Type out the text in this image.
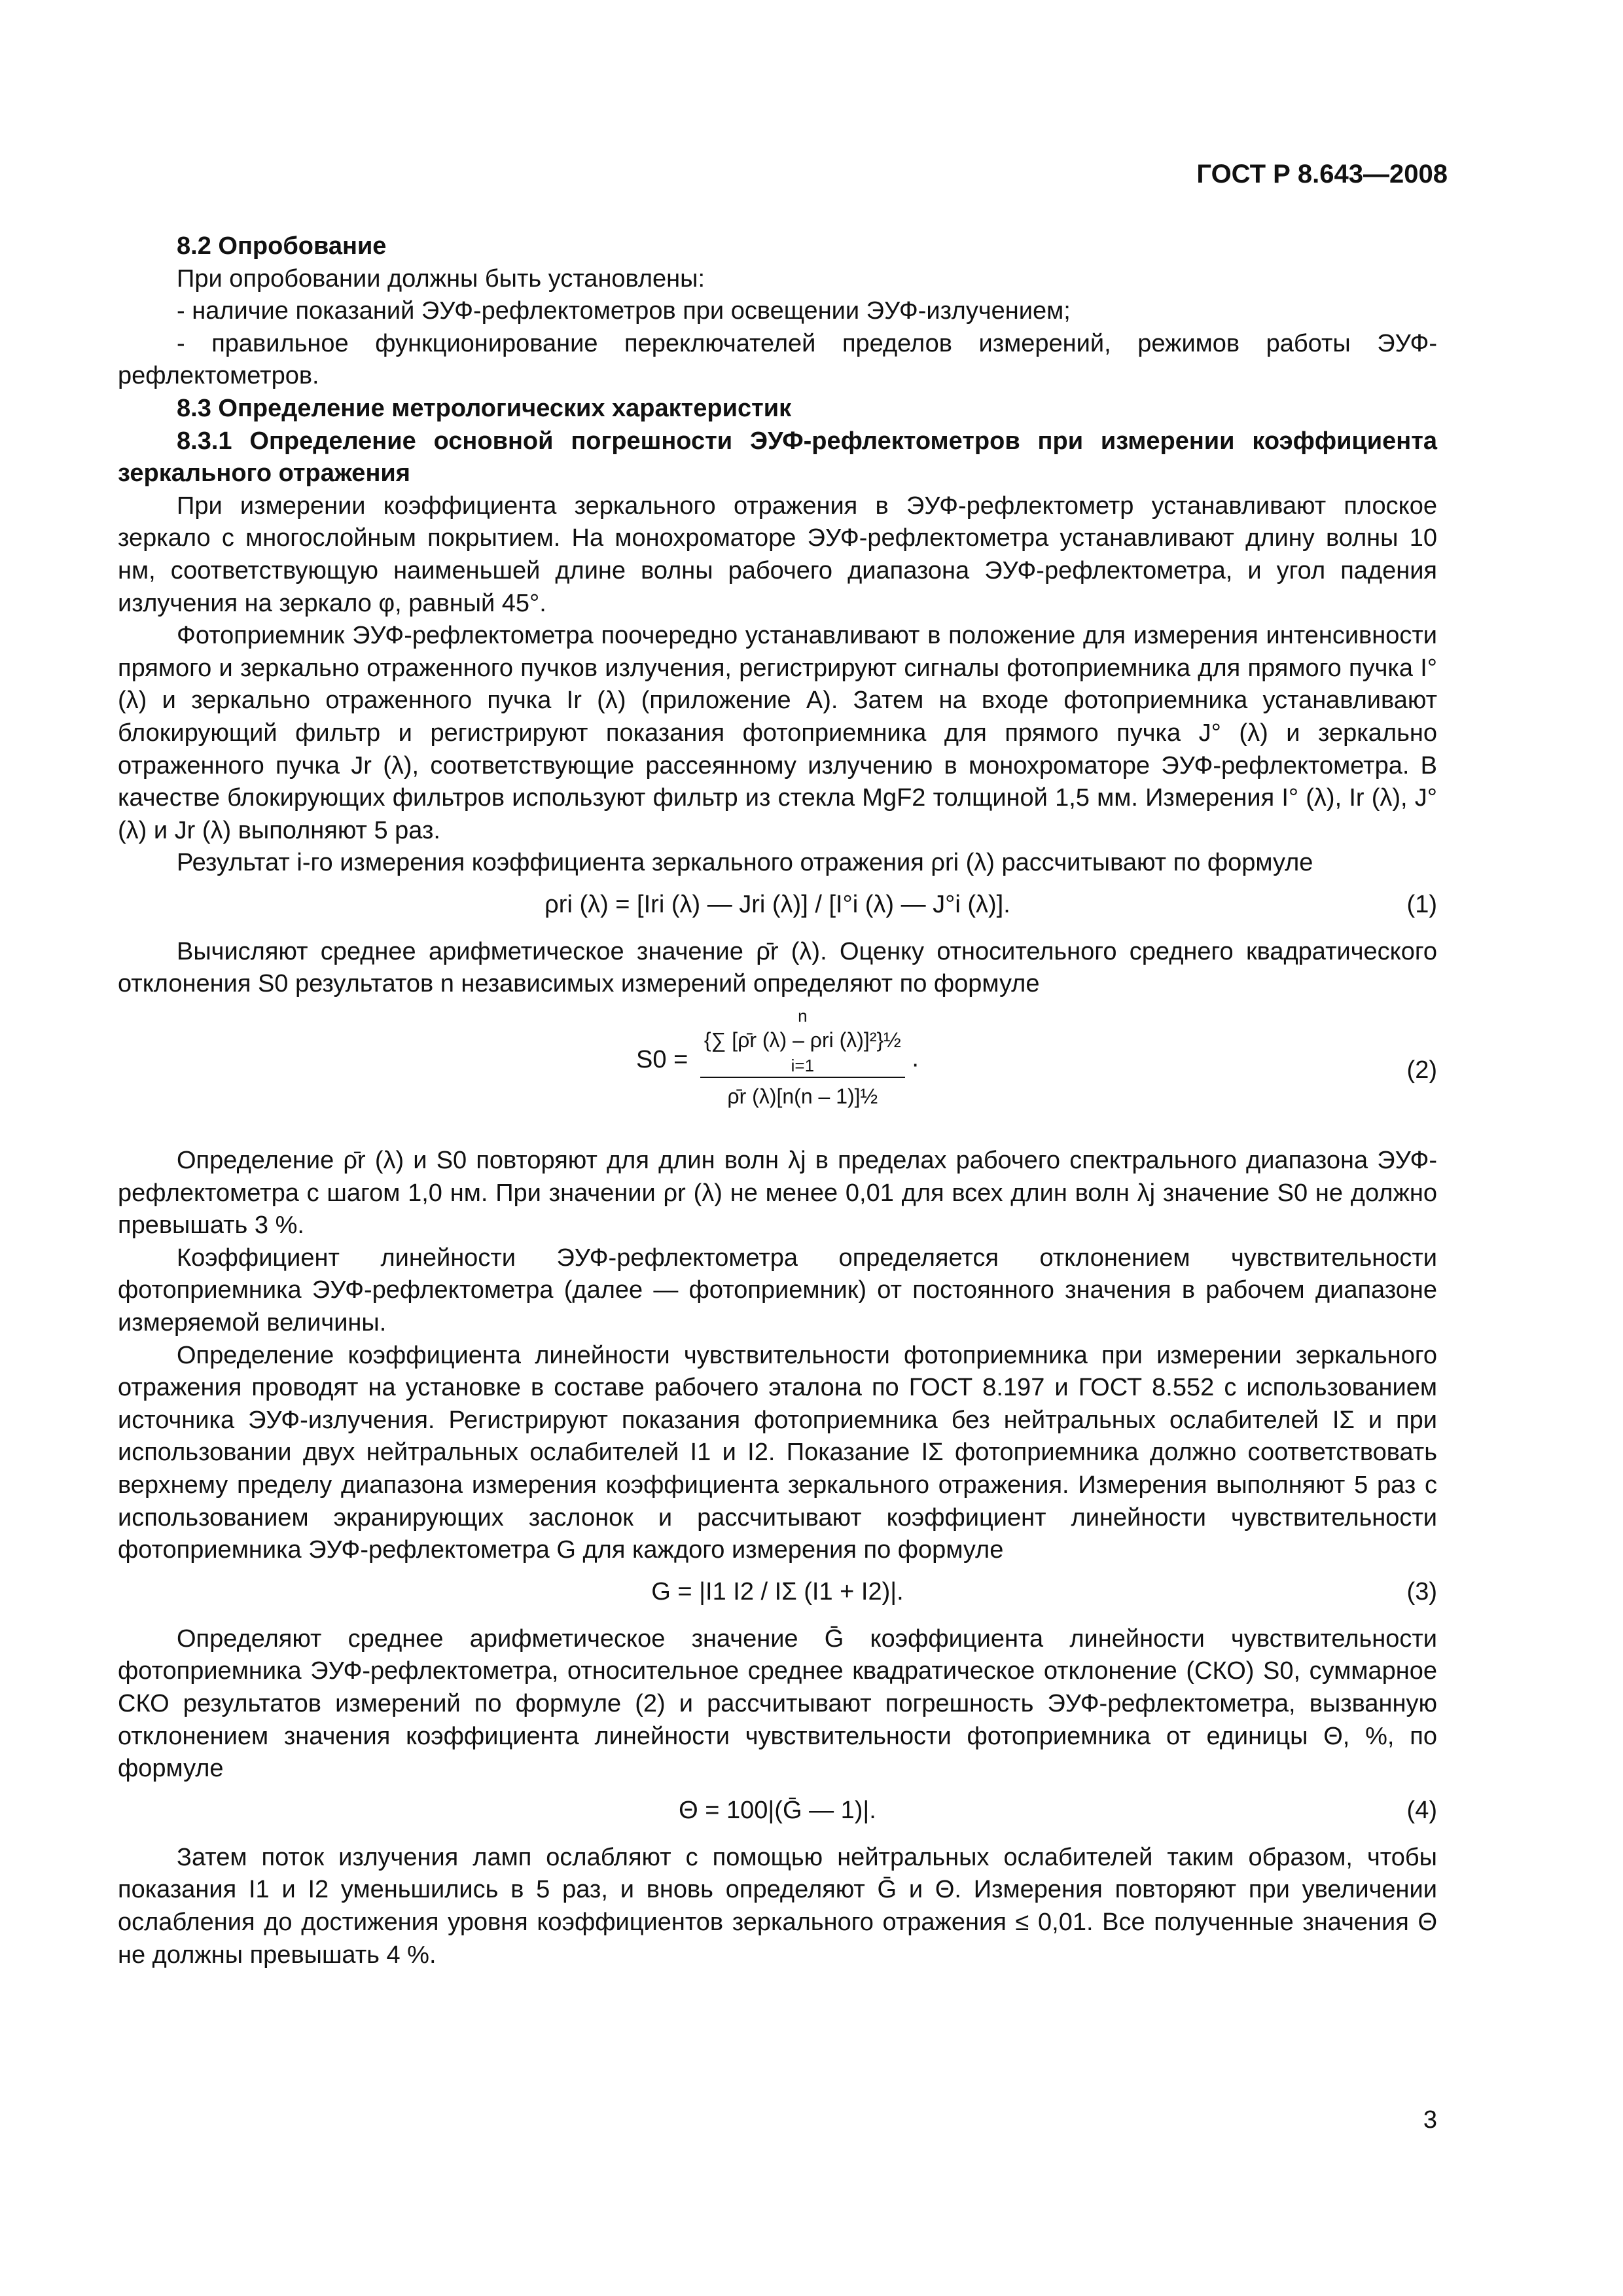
ГОСТ Р 8.643—2008

8.2 Опробование

При опробовании должны быть установлены:

- наличие показаний ЭУФ-рефлектометров при освещении ЭУФ-излучением;

- правильное функционирование переключателей пределов измерений, режимов работы ЭУФ-рефлектометров.

8.3 Определение метрологических характеристик

8.3.1 Определение основной погрешности ЭУФ-рефлектометров при измерении коэффициента зеркального отражения

При измерении коэффициента зеркального отражения в ЭУФ-рефлектометр устанавливают плоское зеркало с многослойным покрытием. На монохроматоре ЭУФ-рефлектометра устанавливают длину волны 10 нм, соответствующую наименьшей длине волны рабочего диапазона ЭУФ-рефлектометра, и угол падения излучения на зеркало φ, равный 45°.

Фотоприемник ЭУФ-рефлектометра поочередно устанавливают в положение для измерения интенсивности прямого и зеркально отраженного пучков излучения, регистрируют сигналы фотоприемника для прямого пучка I° (λ) и зеркально отраженного пучка Ir (λ) (приложение А). Затем на входе фотоприемника устанавливают блокирующий фильтр и регистрируют показания фотоприемника для прямого пучка J° (λ) и зеркально отраженного пучка Jr (λ), соответствующие рассеянному излучению в монохроматоре ЭУФ-рефлектометра. В качестве блокирующих фильтров используют фильтр из стекла MgF2 толщиной 1,5 мм. Измерения I° (λ), Ir (λ), J° (λ) и Jr (λ) выполняют 5 раз.

Результат i-го измерения коэффициента зеркального отражения ρri (λ) рассчитывают по формуле

ρri (λ) = [Iri (λ) — Jri (λ)] / [I°i (λ) — J°i (λ)].	(1)

Вычисляют среднее арифметическое значение ρ̄r (λ). Оценку относительного среднего квадратического отклонения S0 результатов n независимых измерений определяют по формуле

S0 = n
{∑ [ρ̄r (λ) – ρri (λ)]²}½
i=1
ρ̄r (λ)[n(n – 1)]½ .	(2)

Определение ρ̄r (λ) и S0 повторяют для длин волн λj в пределах рабочего спектрального диапазона ЭУФ-рефлектометра с шагом 1,0 нм. При значении ρr (λ) не менее 0,01 для всех длин волн λj значение S0 не должно превышать 3 %.

Коэффициент линейности ЭУФ-рефлектометра определяется отклонением чувствительности фотоприемника ЭУФ-рефлектометра (далее — фотоприемник) от постоянного значения в рабочем диапазоне измеряемой величины.

Определение коэффициента линейности чувствительности фотоприемника при измерении зеркального отражения проводят на установке в составе рабочего эталона по ГОСТ 8.197 и ГОСТ 8.552 с использованием источника ЭУФ-излучения. Регистрируют показания фотоприемника без нейтральных ослабителей IΣ и при использовании двух нейтральных ослабителей I1 и I2. Показание IΣ фотоприемника должно соответствовать верхнему пределу диапазона измерения коэффициента зеркального отражения. Измерения выполняют 5 раз с использованием экранирующих заслонок и рассчитывают коэффициент линейности чувствительности фотоприемника ЭУФ-рефлектометра G для каждого измерения по формуле

G = |I1 I2 / IΣ (I1 + I2)|.	(3)

Определяют среднее арифметическое значение Ḡ коэффициента линейности чувствительности фотоприемника ЭУФ-рефлектометра, относительное среднее квадратическое отклонение (СКО) S0, суммарное СКО результатов измерений по формуле (2) и рассчитывают погрешность ЭУФ-рефлектометра, вызванную отклонением значения коэффициента линейности чувствительности фотоприемника от единицы Θ, %, по формуле

Θ = 100|(Ḡ — 1)|.	(4)

Затем поток излучения ламп ослабляют с помощью нейтральных ослабителей таким образом, чтобы показания I1 и I2 уменьшились в 5 раз, и вновь определяют Ḡ и Θ. Измерения повторяют при увеличении ослабления до достижения уровня коэффициентов зеркального отражения ≤ 0,01. Все полученные значения Θ не должны превышать 4 %.

3
